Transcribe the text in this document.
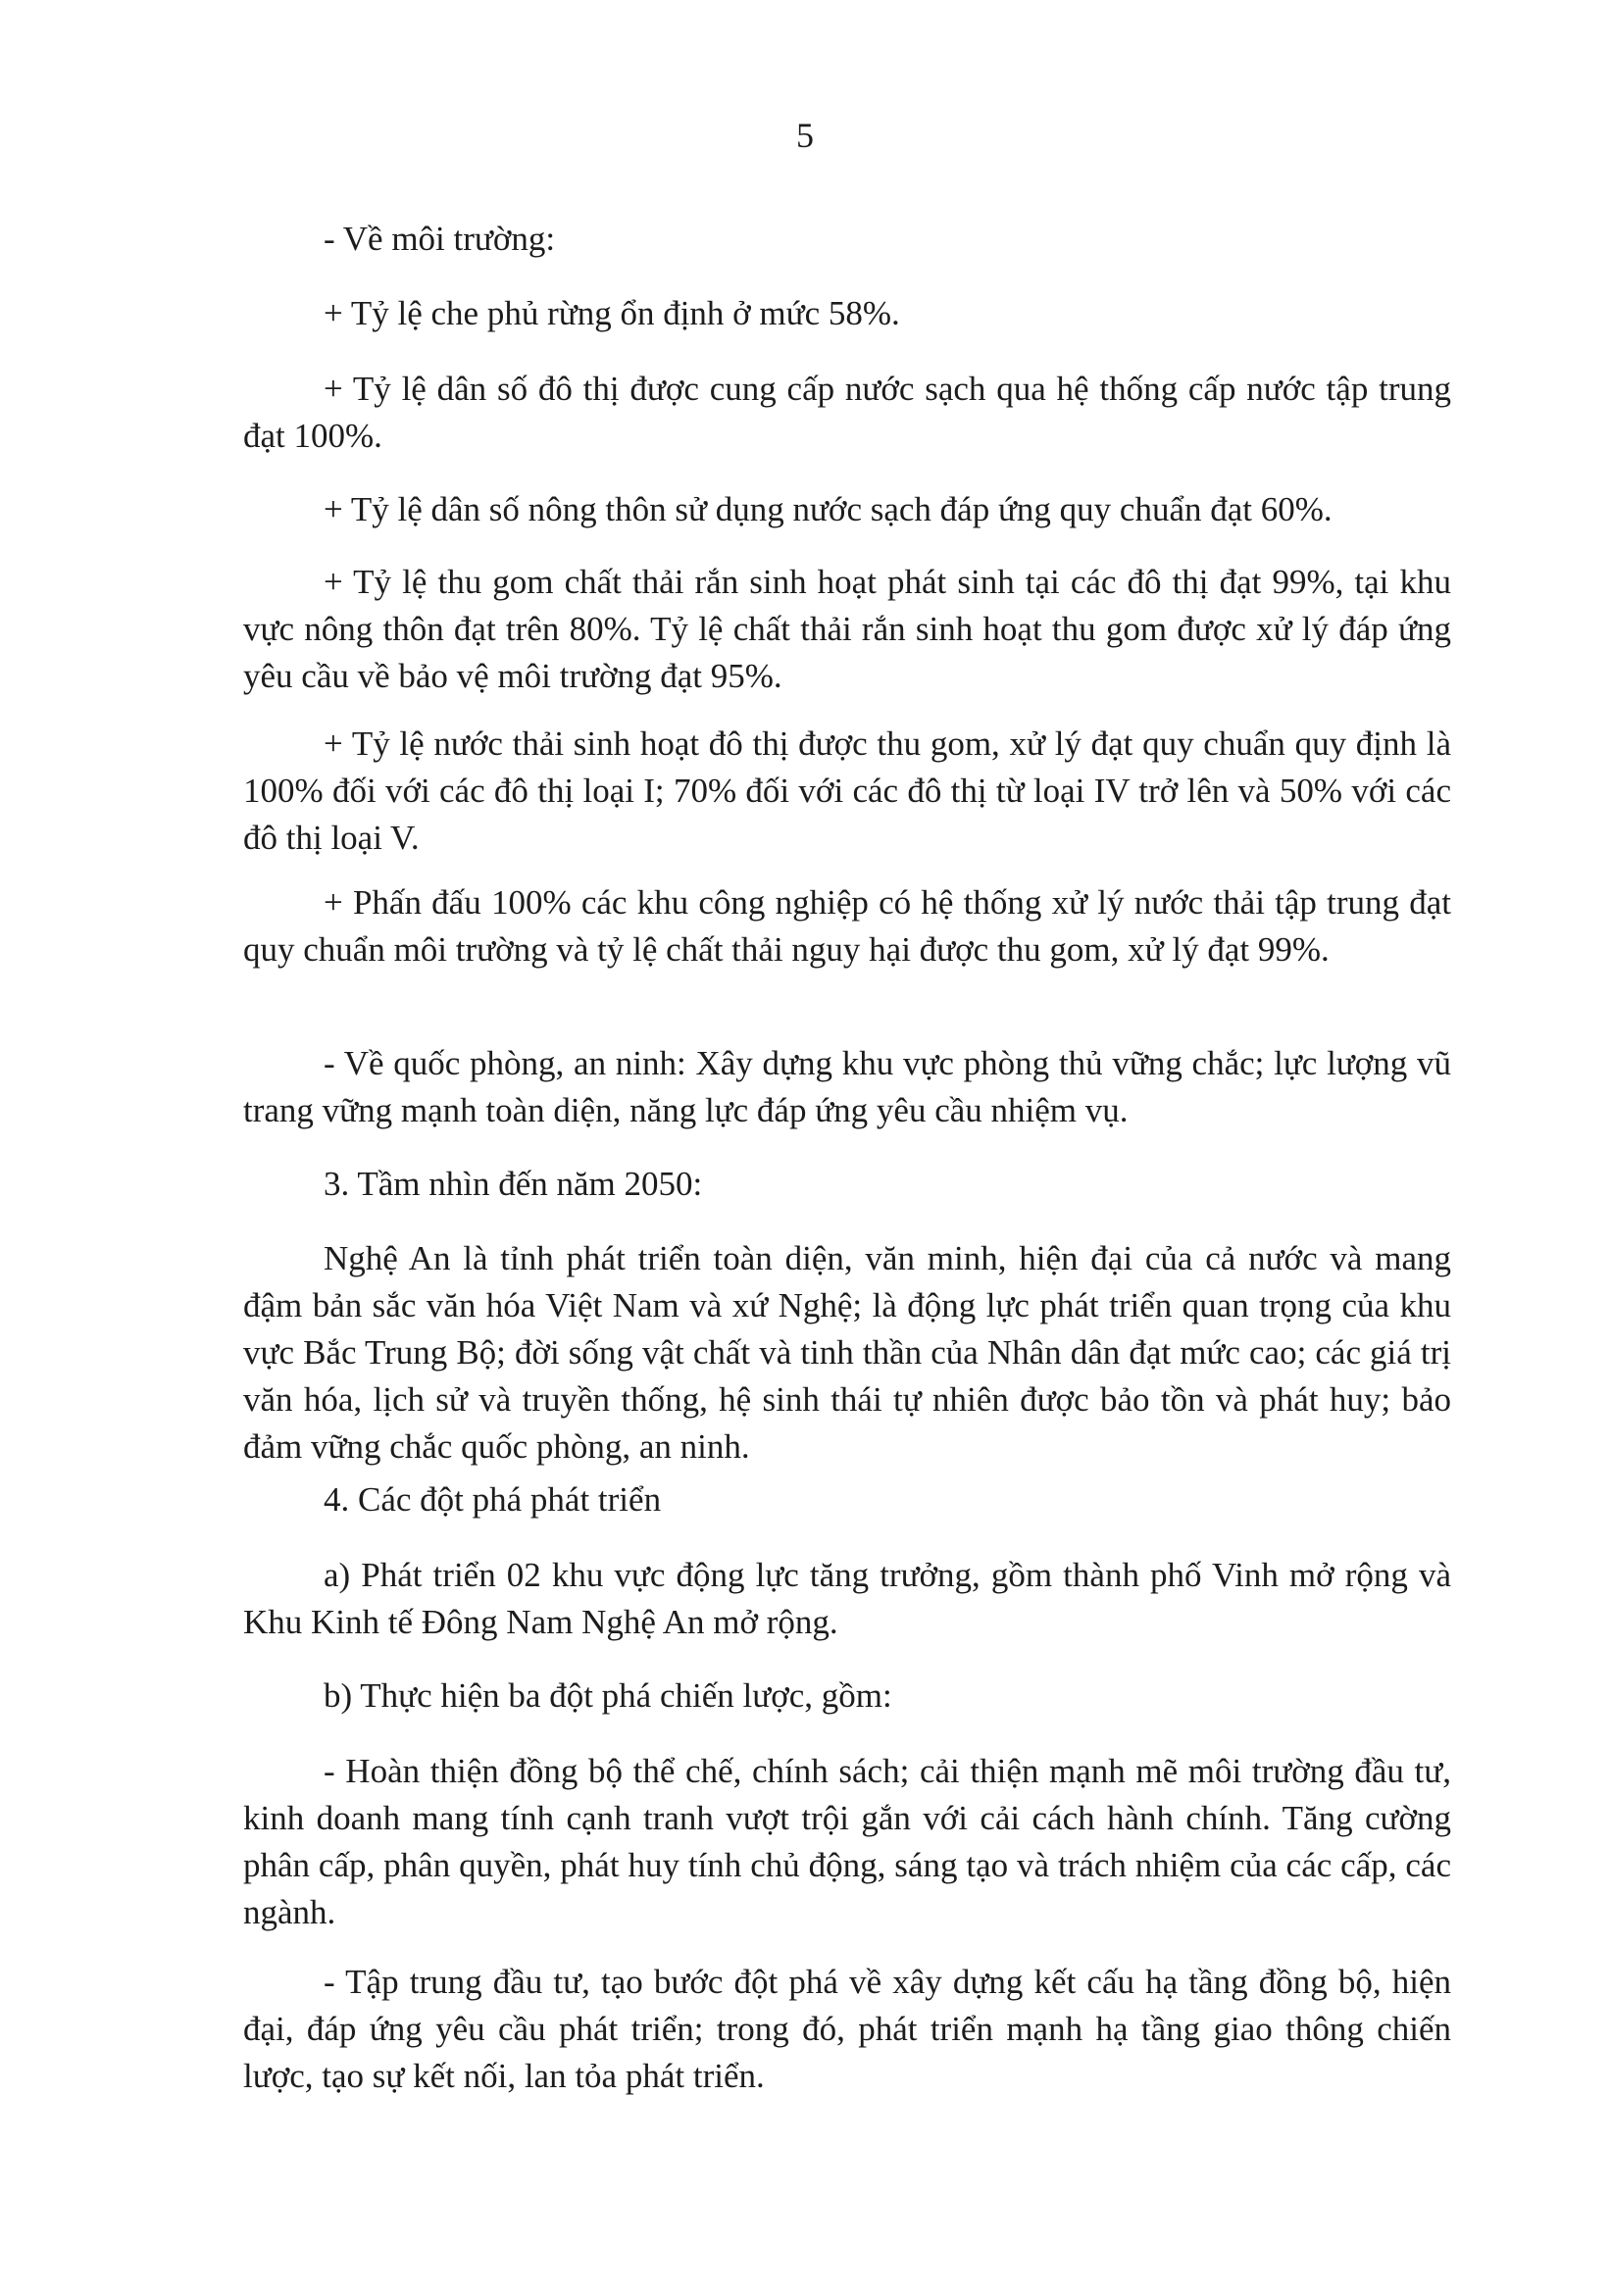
5

- Về môi trường:

+ Tỷ lệ che phủ rừng ổn định ở mức 58%.

+ Tỷ lệ dân số đô thị được cung cấp nước sạch qua hệ thống cấp nước tập trung đạt 100%.

+ Tỷ lệ dân số nông thôn sử dụng nước sạch đáp ứng quy chuẩn đạt 60%.

+ Tỷ lệ thu gom chất thải rắn sinh hoạt phát sinh tại các đô thị đạt 99%, tại khu vực nông thôn đạt trên 80%. Tỷ lệ chất thải rắn sinh hoạt thu gom được xử lý đáp ứng yêu cầu về bảo vệ môi trường đạt 95%.

+ Tỷ lệ nước thải sinh hoạt đô thị được thu gom, xử lý đạt quy chuẩn quy định là 100% đối với các đô thị loại I; 70% đối với các đô thị từ loại IV trở lên và 50% với các đô thị loại V.

+ Phấn đấu 100% các khu công nghiệp có hệ thống xử lý nước thải tập trung đạt quy chuẩn môi trường và tỷ lệ chất thải nguy hại được thu gom, xử lý đạt 99%.

- Về quốc phòng, an ninh: Xây dựng khu vực phòng thủ vững chắc; lực lượng vũ trang vững mạnh toàn diện, năng lực đáp ứng yêu cầu nhiệm vụ.

3. Tầm nhìn đến năm 2050:

Nghệ An là tỉnh phát triển toàn diện, văn minh, hiện đại của cả nước và mang đậm bản sắc văn hóa Việt Nam và xứ Nghệ; là động lực phát triển quan trọng của khu vực Bắc Trung Bộ; đời sống vật chất và tinh thần của Nhân dân đạt mức cao; các giá trị văn hóa, lịch sử và truyền thống, hệ sinh thái tự nhiên được bảo tồn và phát huy; bảo đảm vững chắc quốc phòng, an ninh.

4. Các đột phá phát triển

a) Phát triển 02 khu vực động lực tăng trưởng, gồm thành phố Vinh mở rộng và Khu Kinh tế Đông Nam Nghệ An mở rộng.

b) Thực hiện ba đột phá chiến lược, gồm:

- Hoàn thiện đồng bộ thể chế, chính sách; cải thiện mạnh mẽ môi trường đầu tư, kinh doanh mang tính cạnh tranh vượt trội gắn với cải cách hành chính. Tăng cường phân cấp, phân quyền, phát huy tính chủ động, sáng tạo và trách nhiệm của các cấp, các ngành.

- Tập trung đầu tư, tạo bước đột phá về xây dựng kết cấu hạ tầng đồng bộ, hiện đại, đáp ứng yêu cầu phát triển; trong đó, phát triển mạnh hạ tầng giao thông chiến lược, tạo sự kết nối, lan tỏa phát triển.
